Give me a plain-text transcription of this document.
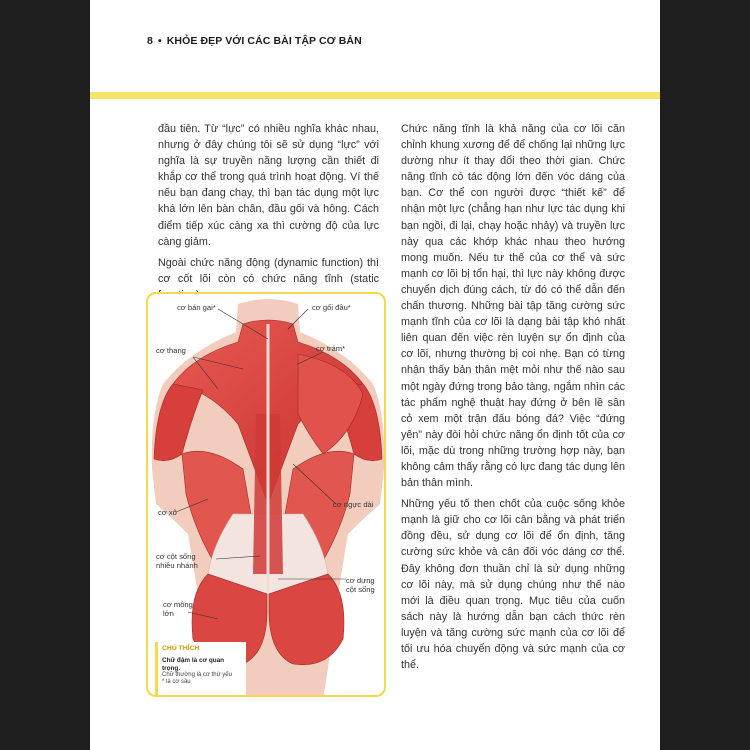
8 • KHỎE ĐẸP VỚI CÁC BÀI TẬP CƠ BẢN

đầu tiên. Từ “lực” có nhiều nghĩa khác nhau, nhưng ở đây chúng tôi sẽ sử dụng “lực” với nghĩa là sự truyền năng lượng cần thiết đi khắp cơ thể trong quá trình hoạt động. Ví thế nếu bạn đang chạy, thì bạn tác dụng một lực khá lớn lên bàn chân, đầu gối và hông. Cách điểm tiếp xúc càng xa thì cường độ của lực càng giảm.

Ngoài chức năng động (dynamic function) thì cơ cốt lõi còn có chức năng tĩnh (static

Chức năng tĩnh là khả năng của cơ lõi căn chỉnh khung xương để để chống lại những lực dường như ít thay đổi theo thời gian. Chức năng tĩnh có tác động lớn đến vóc dáng của bạn. Cơ thể con người được “thiết kế” để nhận một lực (chẳng hạn như lực tác dụng khi bạn ngồi, đi lại, chạy hoặc nhảy) và truyền lực này qua các khớp khác nhau theo hướng mong muốn. Nếu tư thế của cơ thể và sức mạnh cơ lõi bị tổn hại, thì lực này không được chuyển dịch đúng cách, từ đó có thể dẫn đến chấn thương. Những bài tập tăng cường sức mạnh tĩnh của cơ lõi là dạng bài tập khó nhất liên quan đến việc rèn luyện sự ổn định của cơ lõi, nhưng thường bị coi nhẹ. Bạn có từng nhận thấy bản thân mệt mỏi như thế nào sau một ngày đứng trong bảo tàng, ngắm nhìn các tác phẩm nghệ thuật hay đứng ở bên lề sân cỏ xem một trận đấu bóng đá? Việc “đứng yên” này đòi hỏi chức năng ổn định tốt của cơ lõi, mặc dù trong những trường hợp này, bạn không cảm thấy rằng có lực đang tác dụng lên bản thân mình.

Những yếu tố then chốt của cuộc sống khỏe mạnh là giữ cho cơ lõi cân bằng và phát triển đồng đều, sử dụng cơ lõi để ổn định, tăng cường sức khỏe và cân đối vóc dáng cơ thể. Đây không đơn thuần chỉ là sử dụng những cơ lõi này, mà sử dụng chúng như thế nào mới là điều quan trọng. Mục tiêu của cuốn sách này là hướng dẫn bạn cách thức rèn luyện và tăng cường sức mạnh của cơ lõi để tối ưu hóa chuyển động và sức mạnh của cơ thể.

cơ bán gai*	cơ gối đầu*
cơ thang	cơ trám*
cơ ngực dài
cơ xô
cơ cột sống
nhiều nhánh
cơ dựng
cột sống
cơ mông
lớn
CHÚ THÍCH
Chữ đậm là cơ quan trọng.
Chữ thường là cơ thứ yếu
* là cơ sâu
